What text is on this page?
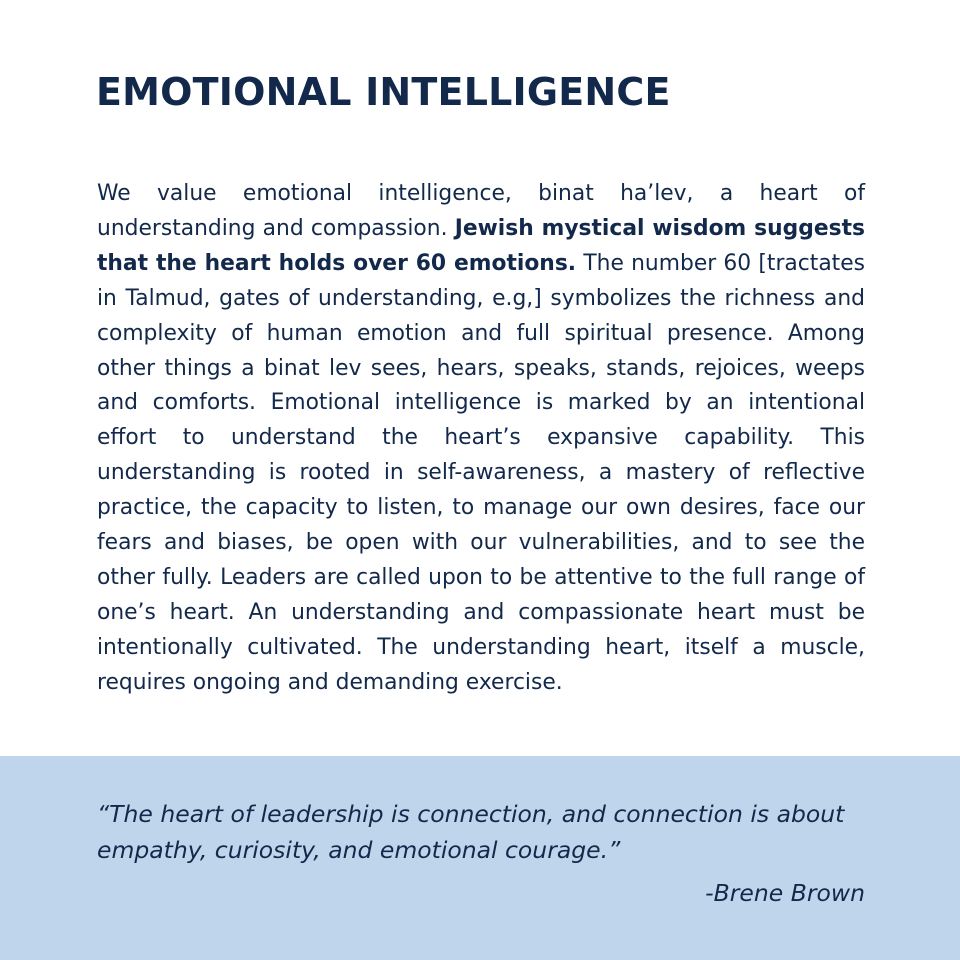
EMOTIONAL INTELLIGENCE

We value emotional intelligence, binat ha’lev, a heart of understanding and compassion. Jewish mystical wisdom suggests that the heart holds over 60 emotions. The number 60 [tractates in Talmud, gates of understanding, e.g,] symbolizes the richness and complexity of human emotion and full spiritual presence. Among other things a binat lev sees, hears, speaks, stands, rejoices, weeps and comforts. Emotional intelligence is marked by an intentional effort to understand the heart’s expansive capability. This understanding is rooted in self-awareness, a mastery of reflective practice, the capacity to listen, to manage our own desires, face our fears and biases, be open with our vulnerabilities, and to see the other fully. Leaders are called upon to be attentive to the full range of one’s heart. An understanding and compassionate heart must be intentionally cultivated. The understanding heart, itself a muscle, requires ongoing and demanding exercise.

“The heart of leadership is connection, and connection is about empathy, curiosity, and emotional courage.”

-Brene Brown
